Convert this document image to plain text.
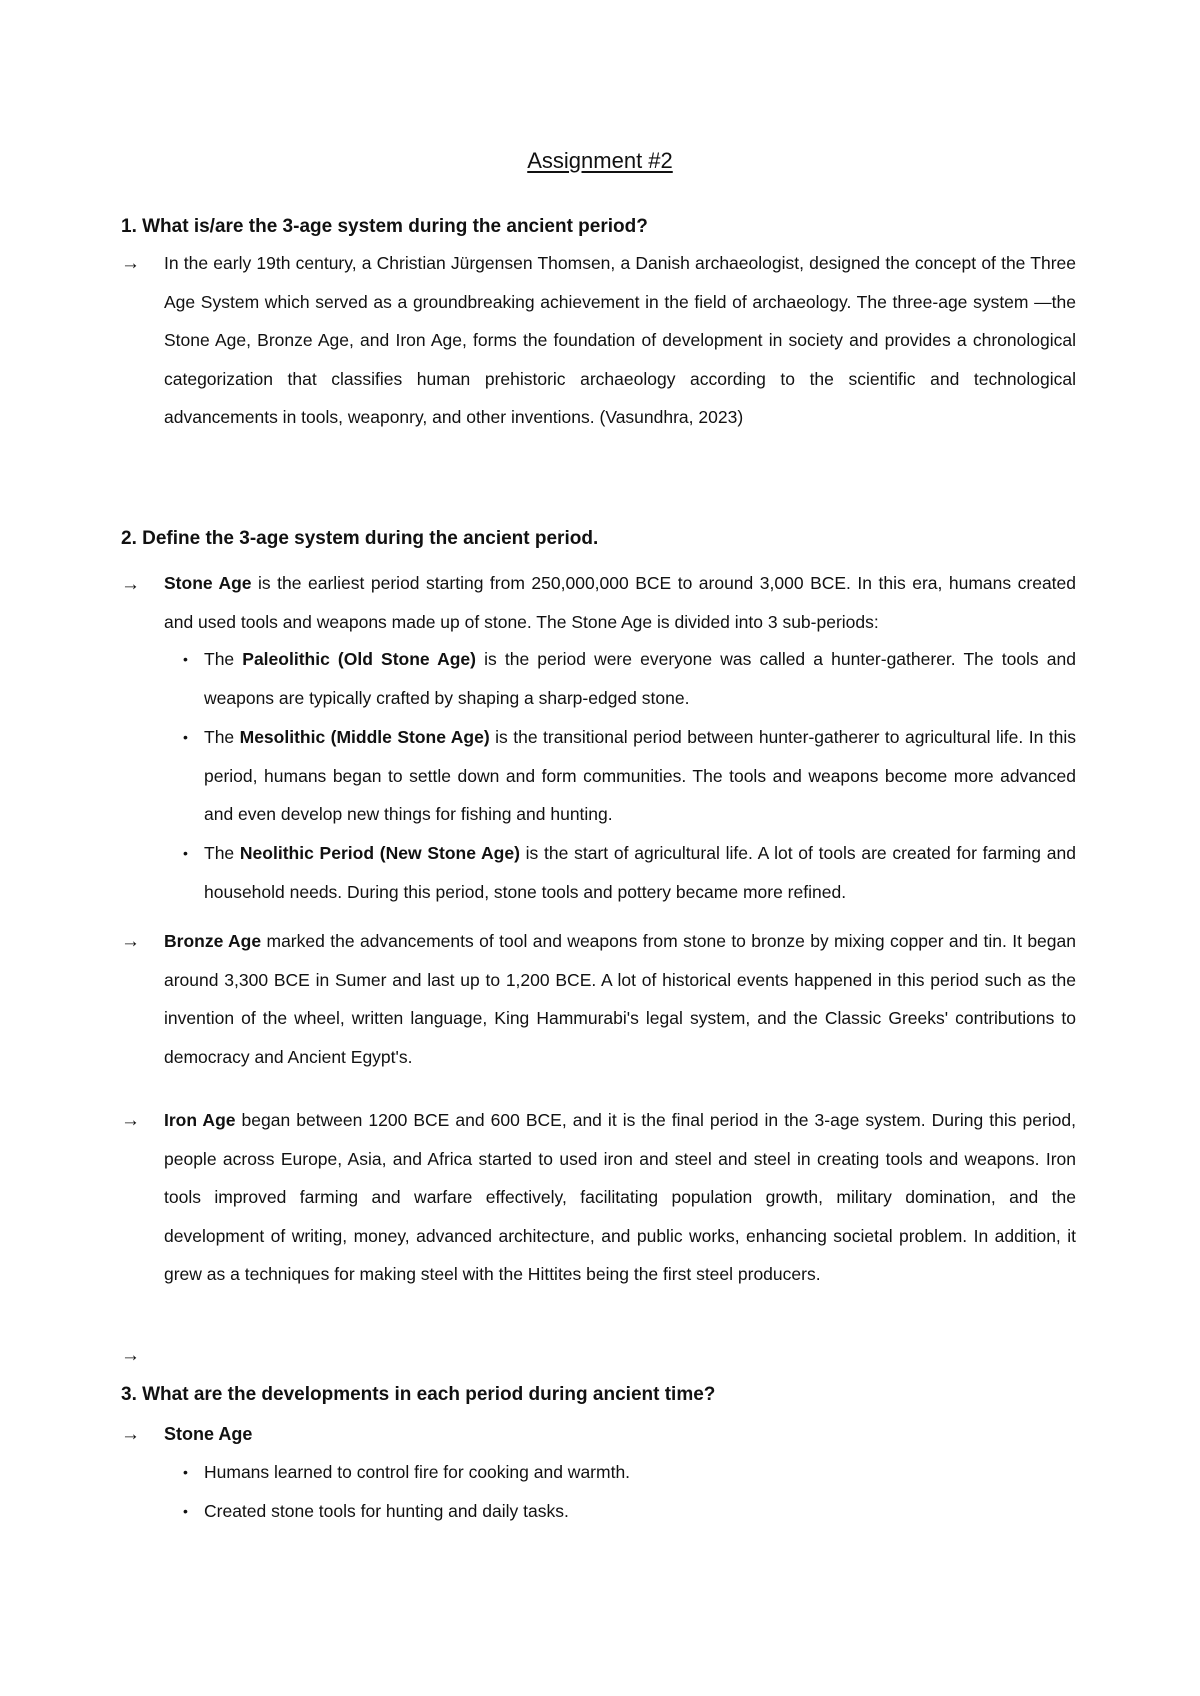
Assignment #2
1. What is/are the 3-age system during the ancient period?
→ In the early 19th century, a Christian Jürgensen Thomsen, a Danish archaeologist, designed the concept of the Three Age System which served as a groundbreaking achievement in the field of archaeology. The three-age system —the Stone Age, Bronze Age, and Iron Age, forms the foundation of development in society and provides a chronological categorization that classifies human prehistoric archaeology according to the scientific and technological advancements in tools, weaponry, and other inventions. (Vasundhra, 2023)
2. Define the 3-age system during the ancient period.
→ Stone Age is the earliest period starting from 250,000,000 BCE to around 3,000 BCE. In this era, humans created and used tools and weapons made up of stone. The Stone Age is divided into 3 sub-periods:
• The Paleolithic (Old Stone Age) is the period were everyone was called a hunter-gatherer. The tools and weapons are typically crafted by shaping a sharp-edged stone.
• The Mesolithic (Middle Stone Age) is the transitional period between hunter-gatherer to agricultural life. In this period, humans began to settle down and form communities. The tools and weapons become more advanced and even develop new things for fishing and hunting.
• The Neolithic Period (New Stone Age) is the start of agricultural life. A lot of tools are created for farming and household needs. During this period, stone tools and pottery became more refined.
→ Bronze Age marked the advancements of tool and weapons from stone to bronze by mixing copper and tin. It began around 3,300 BCE in Sumer and last up to 1,200 BCE. A lot of historical events happened in this period such as the invention of the wheel, written language, King Hammurabi's legal system, and the Classic Greeks' contributions to democracy and Ancient Egypt's.
→ Iron Age began between 1200 BCE and 600 BCE, and it is the final period in the 3-age system. During this period, people across Europe, Asia, and Africa started to used iron and steel and steel in creating tools and weapons. Iron tools improved farming and warfare effectively, facilitating population growth, military domination, and the development of writing, money, advanced architecture, and public works, enhancing societal problem. In addition, it grew as a techniques for making steel with the Hittites being the first steel producers.
→
3. What are the developments in each period during ancient time?
→ Stone Age
• Humans learned to control fire for cooking and warmth.
• Created stone tools for hunting and daily tasks.
